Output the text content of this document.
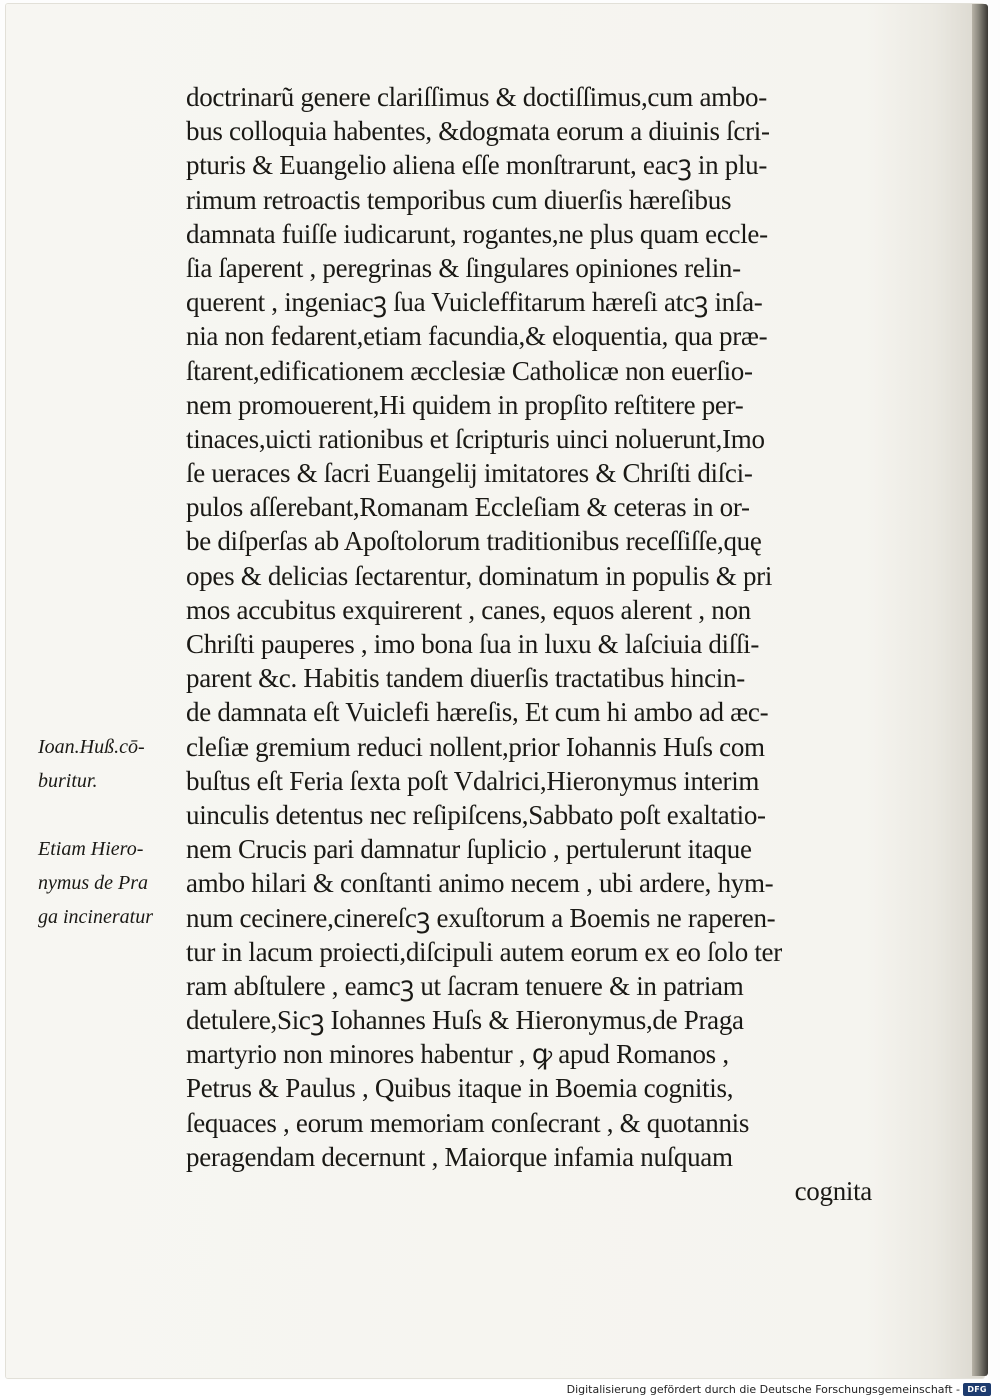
doctrinarũ genere clariſſimus & doctiſſimus,cum ambo-
bus colloquia habentes, &dogmata eorum a diuinis ſcri-
pturis & Euangelio aliena eſſe monſtrarunt, eacꝫ in plu-
rimum retroactis temporibus cum diuerſis hæreſibus
damnata fuiſſe iudicarunt, rogantes,ne plus quam eccle-
ſia ſaperent , peregrinas & ſingulares opiniones relin-
querent , ingeniacꝫ ſua Vuicleffitarum hæreſi atcꝫ inſa-
nia non fedarent,etiam facundia,& eloquentia, qua præ-
ſtarent,edificationem æcclesiæ Catholicæ non euerſio-
nem promouerent,Hi quidem in propſito reſtitere per-
tinaces,uicti rationibus et ſcripturis uinci noluerunt,Imo
ſe ueraces & ſacri Euangelij imitatores & Chriſti diſci-
pulos aſſerebant,Romanam Eccleſiam & ceteras in or-
be diſperſas ab Apoſtolorum traditionibus receſſiſſe,quę
opes & delicias ſectarentur, dominatum in populis & pri
mos accubitus exquirerent , canes, equos alerent , non
Chriſti pauperes , imo bona ſua in luxu & laſciuia diſſi-
parent &c. Habitis tandem diuerſis tractatibus hincin-
de damnata eſt Vuiclefi hæreſis, Et cum hi ambo ad æc-
cleſiæ gremium reduci nollent,prior Iohannis Huſs com
buſtus eſt Feria ſexta poſt Vdalrici,Hieronymus interim
uinculis detentus nec reſipiſcens,Sabbato poſt exaltatio-
nem Crucis pari damnatur ſuplicio , pertulerunt itaque
ambo hilari & conſtanti animo necem , ubi ardere, hym-
num cecinere,cinereſcꝫ exuſtorum a Boemis ne raperen-
tur in lacum proiecti,diſcipuli autem eorum ex eo ſolo ter
ram abſtulere , eamcꝫ ut ſacram tenuere & in patriam
detulere,Sicꝫ Iohannes Huſs & Hieronymus,de Praga
martyrio non minores habentur , ꝙ apud Romanos ,
Petrus & Paulus , Quibus itaque in Boemia cognitis,
ſequaces , eorum memoriam conſecrant , & quotannis
peragendam decernunt , Maiorque infamia nuſquam
cognita
Ioan.Huß.cō-
buritur.
Etiam Hiero-
nymus de Pra
ga incineratur
Digitalisierung gefördert durch die Deutsche Forschungsgemeinschaft - DFG
